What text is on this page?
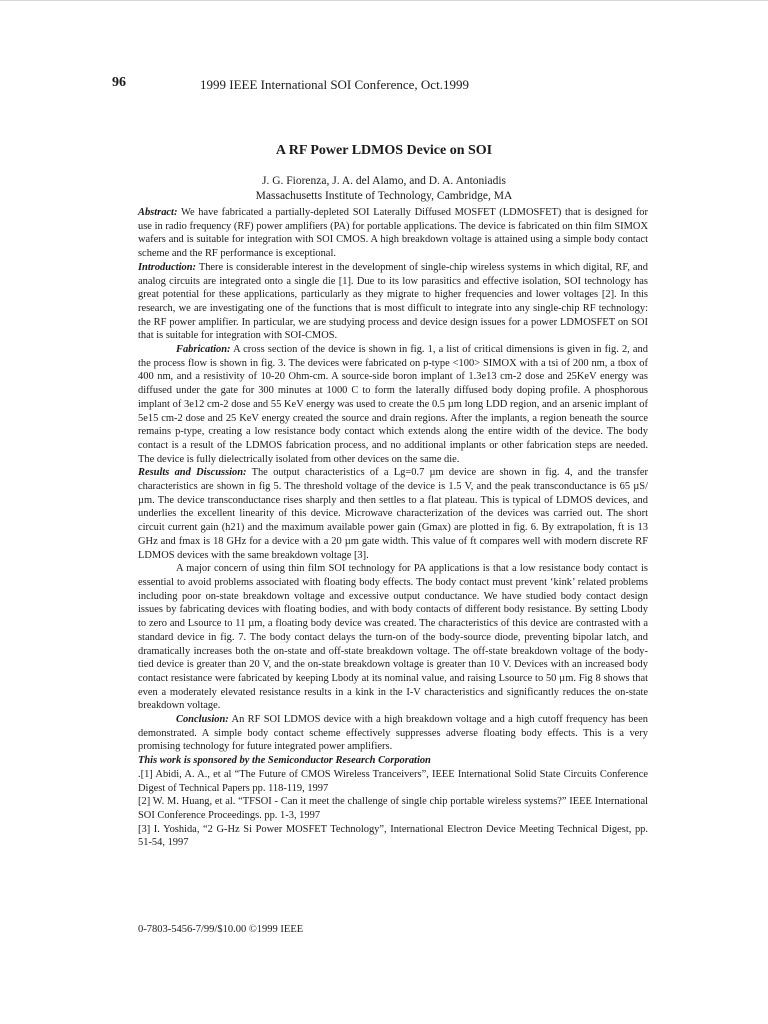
96	1999 IEEE International SOI Conference, Oct.1999
A RF Power LDMOS Device on SOI
J. G. Fiorenza, J. A. del Alamo, and D. A. Antoniadis
Massachusetts Institute of Technology, Cambridge, MA

Abstract: We have fabricated a partially-depleted SOI Laterally Diffused MOSFET (LDMOSFET) that is designed for use in radio frequency (RF) power amplifiers (PA) for portable applications. The device is fabricated on thin film SIMOX wafers and is suitable for integration with SOI CMOS. A high breakdown voltage is attained using a simple body contact scheme and the RF performance is exceptional.

Introduction: There is considerable interest in the development of single-chip wireless systems in which digital, RF, and analog circuits are integrated onto a single die [1]. Due to its low parasitics and effective isolation, SOI technology has great potential for these applications, particularly as they migrate to higher frequencies and lower voltages [2]. In this research, we are investigating one of the functions that is most difficult to integrate into any single-chip RF technology: the RF power amplifier. In particular, we are studying process and device design issues for a power LDMOSFET on SOI that is suitable for integration with SOI-CMOS.

Fabrication: A cross section of the device is shown in fig. 1, a list of critical dimensions is given in fig. 2, and the process flow is shown in fig. 3. The devices were fabricated on p-type <100> SIMOX with a tsi of 200 nm, a tbox of 400 nm, and a resistivity of 10-20 Ohm-cm. A source-side boron implant of 1.3e13 cm-2 dose and 25KeV energy was diffused under the gate for 300 minutes at 1000 C to form the laterally diffused body doping profile. A phosphorous implant of 3e12 cm-2 dose and 55 KeV energy was used to create the 0.5 µm long LDD region, and an arsenic implant of 5e15 cm-2 dose and 25 KeV energy created the source and drain regions. After the implants, a region beneath the source remains p-type, creating a low resistance body contact which extends along the entire width of the device. The body contact is a result of the LDMOS fabrication process, and no additional implants or other fabrication steps are needed. The device is fully dielectrically isolated from other devices on the same die.

Results and Discussion: The output characteristics of a Lg=0.7 µm device are shown in fig. 4, and the transfer characteristics are shown in fig 5. The threshold voltage of the device is 1.5 V, and the peak transconductance is 65 µS/µm. The device transconductance rises sharply and then settles to a flat plateau. This is typical of LDMOS devices, and underlies the excellent linearity of this device. Microwave characterization of the devices was carried out. The short circuit current gain (h21) and the maximum available power gain (Gmax) are plotted in fig. 6. By extrapolation, ft is 13 GHz and fmax is 18 GHz for a device with a 20 µm gate width. This value of ft compares well with modern discrete RF LDMOS devices with the same breakdown voltage [3].

A major concern of using thin film SOI technology for PA applications is that a low resistance body contact is essential to avoid problems associated with floating body effects. The body contact must prevent ‘kink’ related problems including poor on-state breakdown voltage and excessive output conductance. We have studied body contact design issues by fabricating devices with floating bodies, and with body contacts of different body resistance. By setting Lbody to zero and Lsource to 11 µm, a floating body device was created. The characteristics of this device are contrasted with a standard device in fig. 7. The body contact delays the turn-on of the body-source diode, preventing bipolar latch, and dramatically increases both the on-state and off-state breakdown voltage. The off-state breakdown voltage of the body-tied device is greater than 20 V, and the on-state breakdown voltage is greater than 10 V. Devices with an increased body contact resistance were fabricated by keeping Lbody at its nominal value, and raising Lsource to 50 µm. Fig 8 shows that even a moderately elevated resistance results in a kink in the I-V characteristics and significantly reduces the on-state breakdown voltage.

Conclusion: An RF SOI LDMOS device with a high breakdown voltage and a high cutoff frequency has been demonstrated. A simple body contact scheme effectively suppresses adverse floating body effects. This is a very promising technology for future integrated power amplifiers.

This work is sponsored by the Semiconductor Research Corporation

.[1] Abidi, A. A., et al “The Future of CMOS Wireless Tranceivers”, IEEE International Solid State Circuits Conference Digest of Technical Papers pp. 118-119, 1997

[2] W. M. Huang, et al. “TFSOI - Can it meet the challenge of single chip portable wireless systems?” IEEE International SOI Conference Proceedings. pp. 1-3, 1997

[3] I. Yoshida, “2 G-Hz Si Power MOSFET Technology”, International Electron Device Meeting Technical Digest, pp. 51-54, 1997

0-7803-5456-7/99/$10.00 ©1999 IEEE
